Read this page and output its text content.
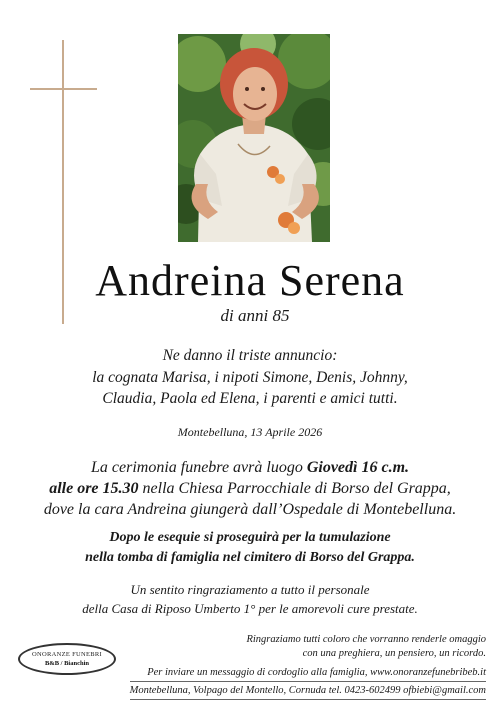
Andreina Serena
di anni 85
Ne danno il triste annuncio:
la cognata Marisa, i nipoti Simone, Denis, Johnny,
Claudia, Paola ed Elena, i parenti e amici tutti.
Montebelluna, 13 Aprile 2026
La cerimonia funebre avrà luogo Giovedì 16 c.m.
alle ore 15.30 nella Chiesa Parrocchiale di Borso del Grappa,
dove la cara Andreina giungerà dall’Ospedale di Montebelluna.
Dopo le esequie si proseguirà per la tumulazione
nella tomba di famiglia nel cimitero di Borso del Grappa.
Un sentito ringraziamento a tutto il personale
della Casa di Riposo Umberto 1° per le amorevoli cure prestate.
ONORANZE FUNEBRI
B&B / Bianchin
Ringraziamo tutti coloro che vorranno renderle omaggio
con una preghiera, un pensiero, un ricordo.
Per inviare un messaggio di cordoglio alla famiglia, www.onoranzefunebribeb.it
Montebelluna, Volpago del Montello, Cornuda tel. 0423-602499 ofbiebi@gmail.com
